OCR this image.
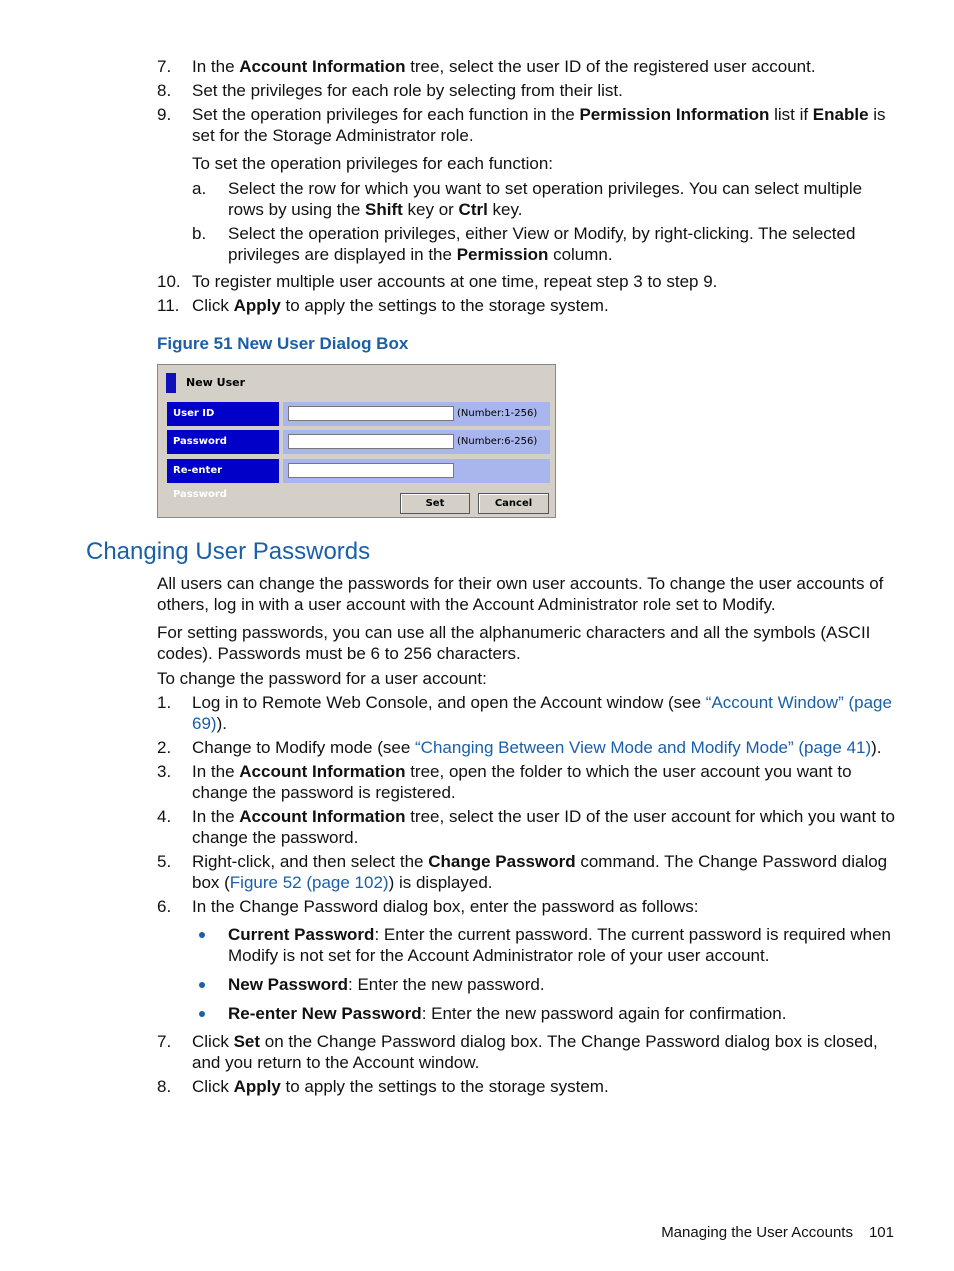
7. In the Account Information tree, select the user ID of the registered user account.
8. Set the privileges for each role by selecting from their list.
9. Set the operation privileges for each function in the Permission Information list if Enable is set for the Storage Administrator role.
To set the operation privileges for each function:
a. Select the row for which you want to set operation privileges. You can select multiple rows by using the Shift key or Ctrl key.
b. Select the operation privileges, either View or Modify, by right-clicking. The selected privileges are displayed in the Permission column.
10. To register multiple user accounts at one time, repeat step 3 to step 9.
11. Click Apply to apply the settings to the storage system.
Figure 51 New User Dialog Box
New User
User ID	(Number:1-256)
Password	(Number:6-256)
Re-enter Password
Set	Cancel
Changing User Passwords
All users can change the passwords for their own user accounts. To change the user accounts of others, log in with a user account with the Account Administrator role set to Modify.
For setting passwords, you can use all the alphanumeric characters and all the symbols (ASCII codes). Passwords must be 6 to 256 characters.
To change the password for a user account:
1. Log in to Remote Web Console, and open the Account window (see “Account Window” (page 69)).
2. Change to Modify mode (see “Changing Between View Mode and Modify Mode” (page 41)).
3. In the Account Information tree, open the folder to which the user account you want to change the password is registered.
4. In the Account Information tree, select the user ID of the user account for which you want to change the password.
5. Right-click, and then select the Change Password command. The Change Password dialog box (Figure 52 (page 102)) is displayed.
6. In the Change Password dialog box, enter the password as follows:
Current Password: Enter the current password. The current password is required when Modify is not set for the Account Administrator role of your user account.
New Password: Enter the new password.
Re-enter New Password: Enter the new password again for confirmation.
7. Click Set on the Change Password dialog box. The Change Password dialog box is closed, and you return to the Account window.
8. Click Apply to apply the settings to the storage system.
Managing the User Accounts 101
